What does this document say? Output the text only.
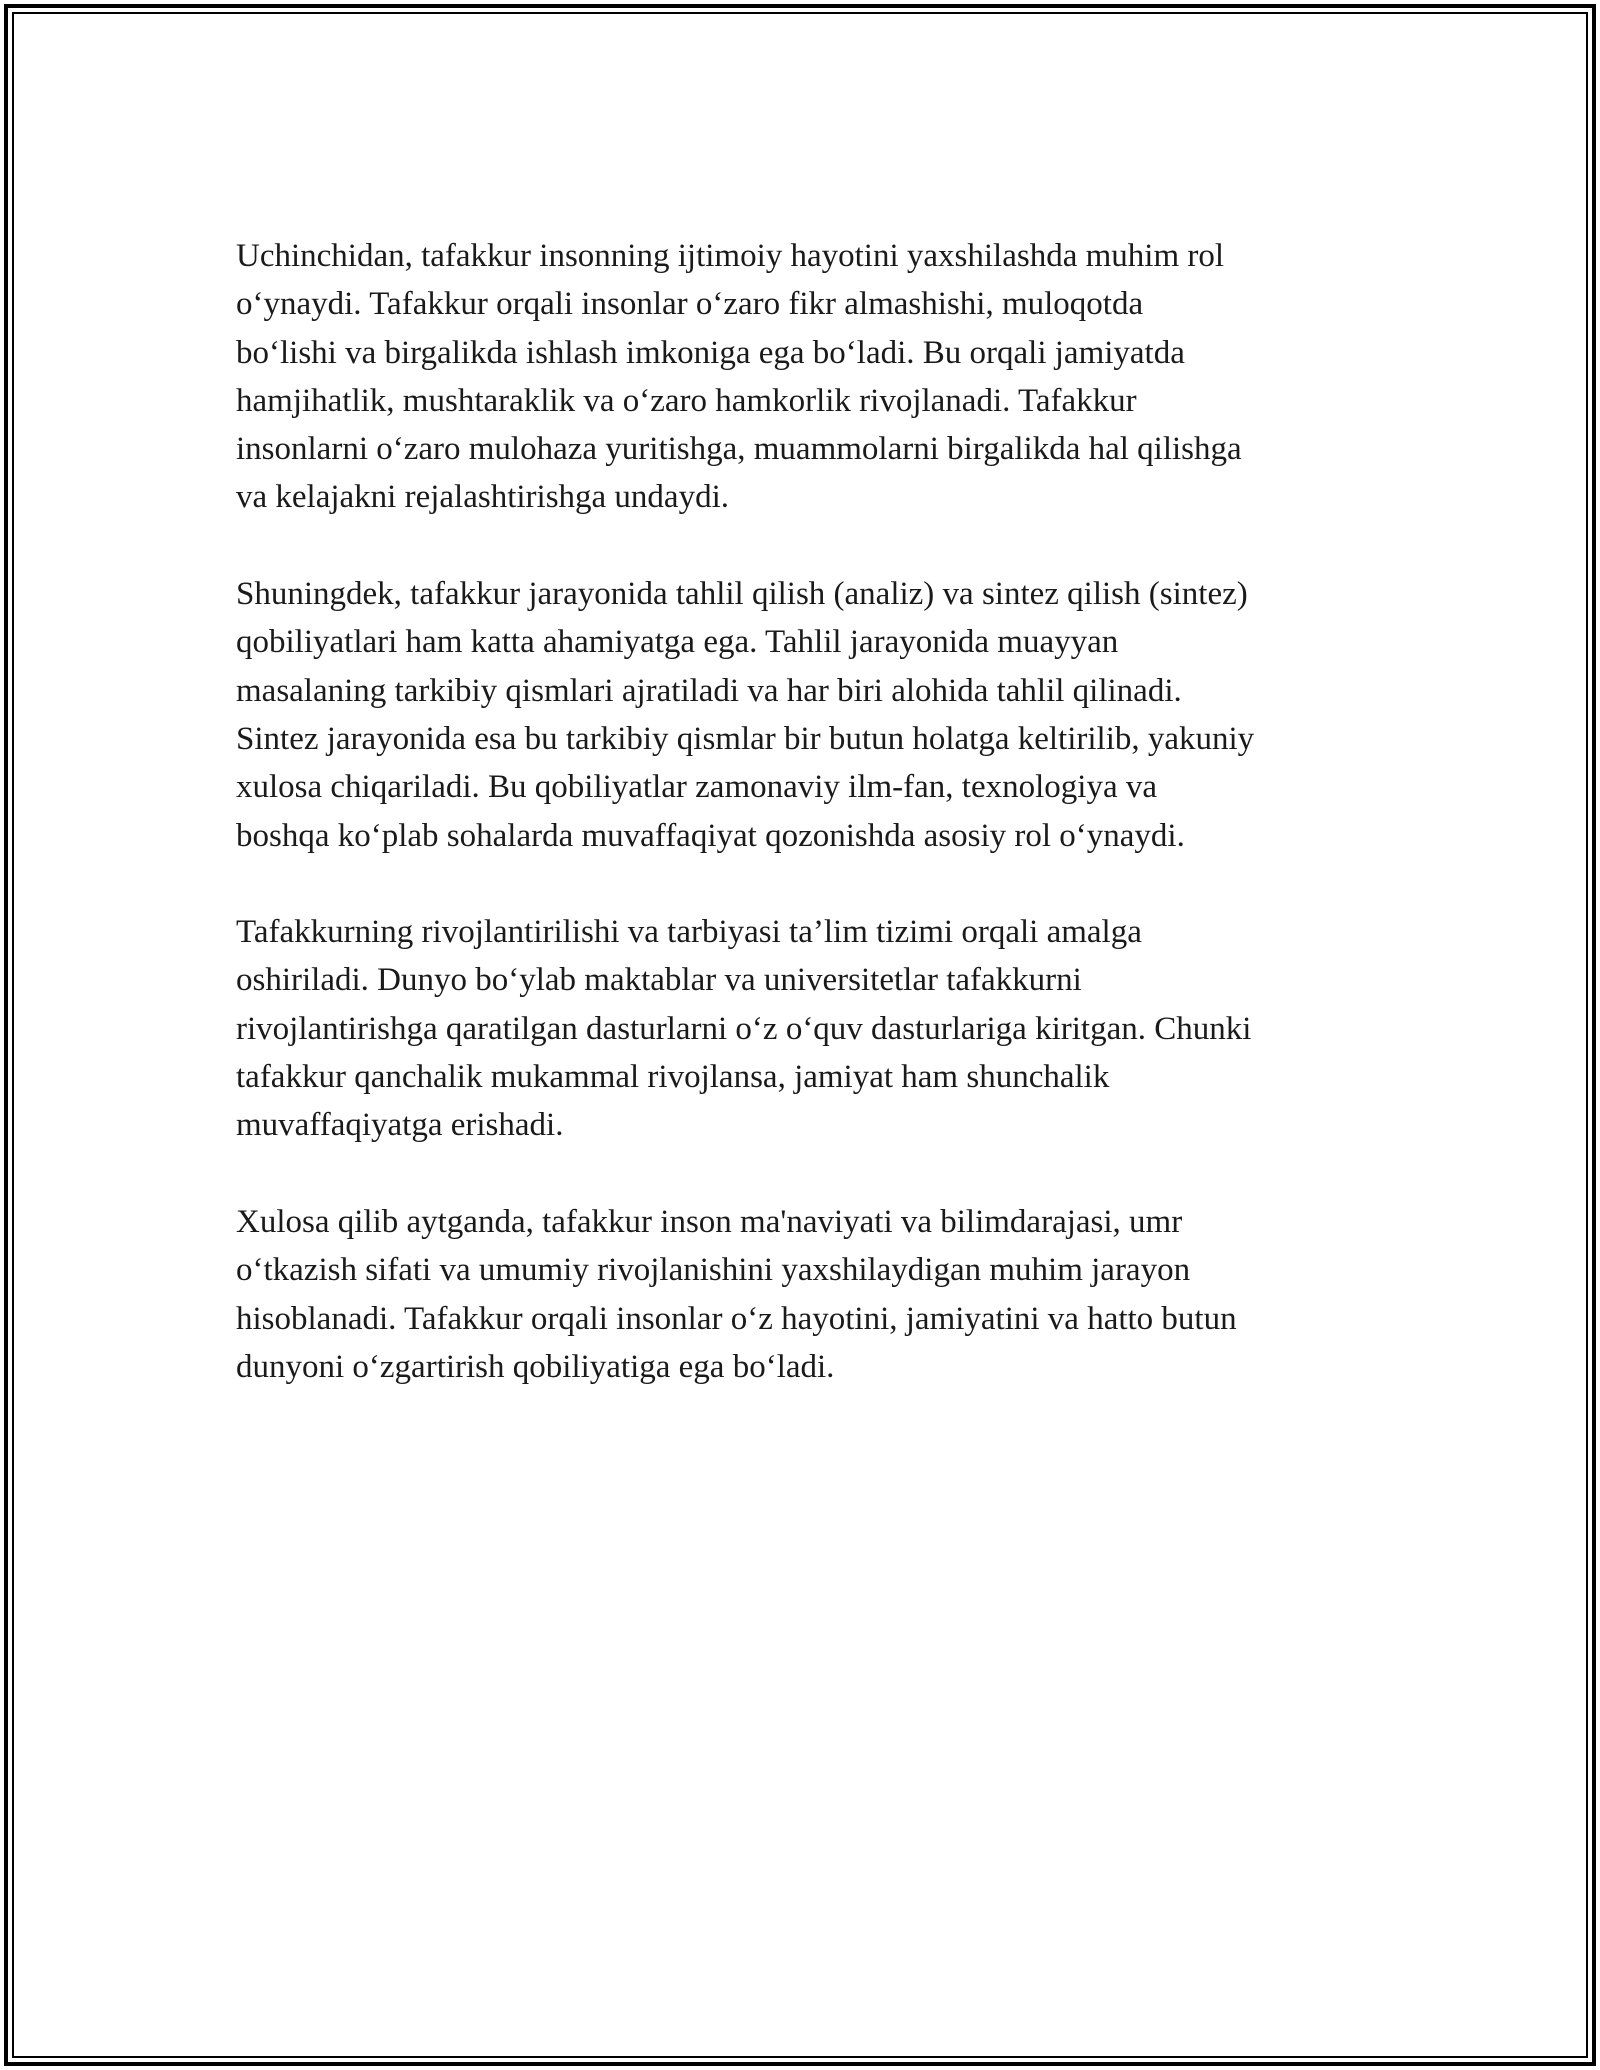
Uchinchidan, tafakkur insonning ijtimoiy hayotini yaxshilashda muhim rol
o‘ynaydi. Tafakkur orqali insonlar o‘zaro fikr almashishi, muloqotda
bo‘lishi va birgalikda ishlash imkoniga ega bo‘ladi. Bu orqali jamiyatda
hamjihatlik, mushtaraklik va o‘zaro hamkorlik rivojlanadi. Tafakkur
insonlarni o‘zaro mulohaza yuritishga, muammolarni birgalikda hal qilishga
va kelajakni rejalashtirishga undaydi.

Shuningdek, tafakkur jarayonida tahlil qilish (analiz) va sintez qilish (sintez)
qobiliyatlari ham katta ahamiyatga ega. Tahlil jarayonida muayyan
masalaning tarkibiy qismlari ajratiladi va har biri alohida tahlil qilinadi.
Sintez jarayonida esa bu tarkibiy qismlar bir butun holatga keltirilib, yakuniy
xulosa chiqariladi. Bu qobiliyatlar zamonaviy ilm-fan, texnologiya va
boshqa ko‘plab sohalarda muvaffaqiyat qozonishda asosiy rol o‘ynaydi.

Tafakkurning rivojlantirilishi va tarbiyasi ta’lim tizimi orqali amalga
oshiriladi. Dunyo bo‘ylab maktablar va universitetlar tafakkurni
rivojlantirishga qaratilgan dasturlarni o‘z o‘quv dasturlariga kiritgan. Chunki
tafakkur qanchalik mukammal rivojlansa, jamiyat ham shunchalik
muvaffaqiyatga erishadi.

Xulosa qilib aytganda, tafakkur inson ma'naviyati va bilimdarajasi, umr
o‘tkazish sifati va umumiy rivojlanishini yaxshilaydigan muhim jarayon
hisoblanadi. Tafakkur orqali insonlar o‘z hayotini, jamiyatini va hatto butun
dunyoni o‘zgartirish qobiliyatiga ega bo‘ladi.
